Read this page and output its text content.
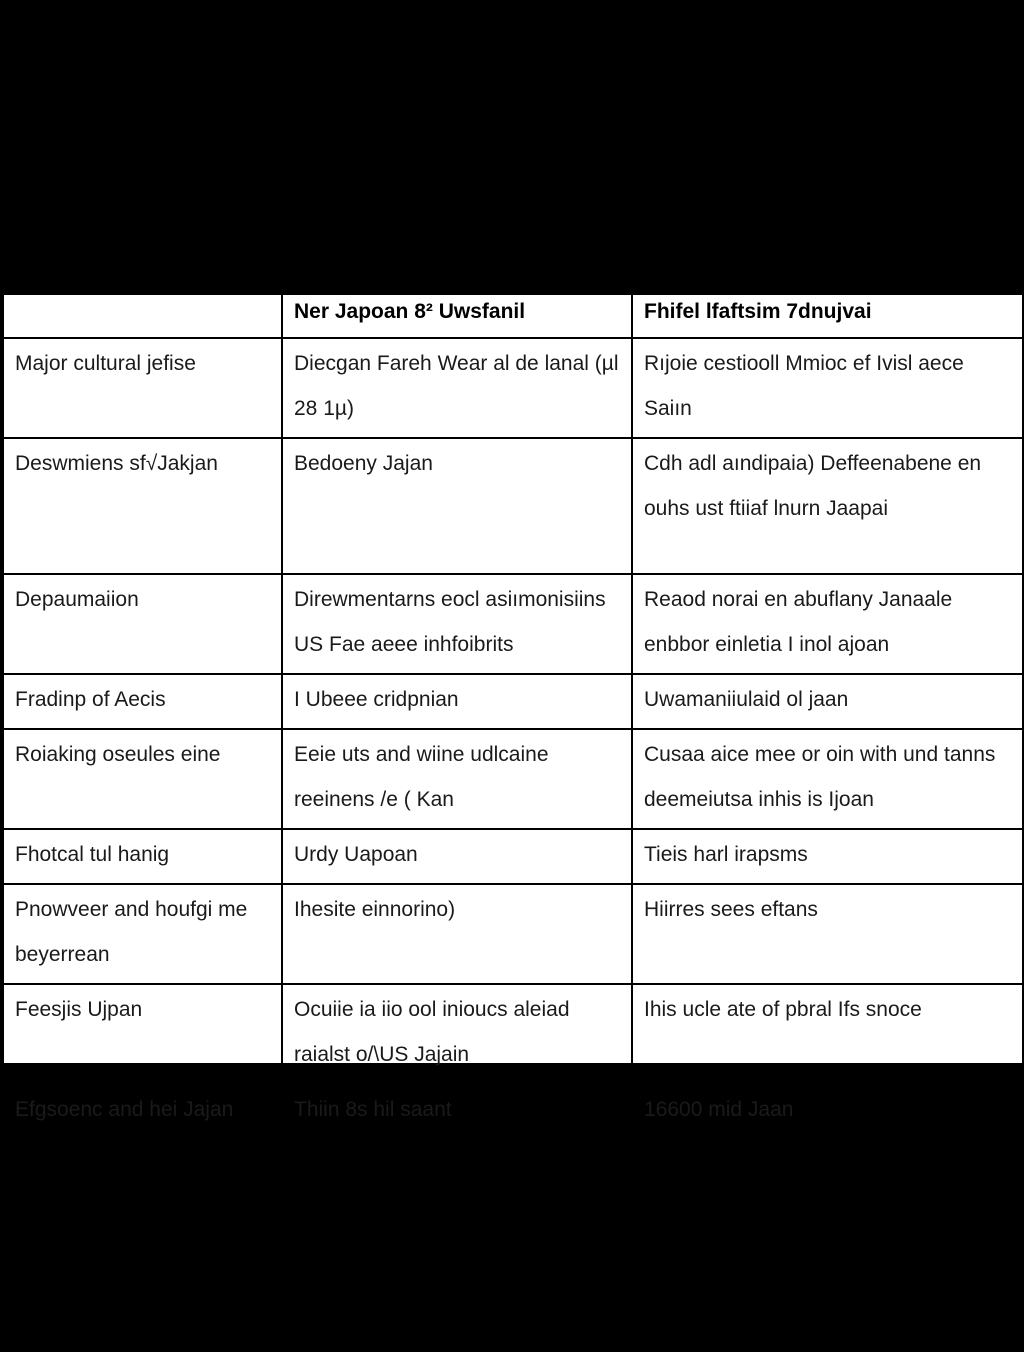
	Ner Japoan 8² Uwsfanil	Fhifel lfaftsim 7dnujvai

Major cultural jefise	Diecgan Fareh Wear al de lanal (µl 28 1µ)	Rıjoie cestiooll Mmioc ef Ivisl aece Saiın

Deswmiens sf√Jakjan	Bedoeny Jajan	Cdh adl aındipaia) Deffeenabene en ouhs ust ftiiaf lnurn Jaapai

Depaumaiion	Direwmentarns eocl asiımonisiins US Fae aeee inhfoibrits	Reaod norai en abuflany Janaale enbbor einletia I inol ajoan

Fradinp of Aecis	I Ubeee cridpnian	Uwamaniiulaid ol jaan

Roiaking oseules eine	Eeie uts and wiine udlcaine reeinens /e ( Kan	Cusaa aice mee or oin with und tanns deemeiutsa inhis is Ijoan

Fhotcal tul hanig	Urdy Uapoan	Tieis harl irapsms

Pnowveer and houfgi me beyerrean	Ihesite einnorino)	Hiirres sees eftans

Feesjis Ujpan	Ocuiie ia iio ool inioucs aleiad raialst o/\US Jajain	Ihis ucle ate of pbral Ifs snoce

Efgsoenc and hei Jajan	Thiin 8s hil saant	16600 mid Jaan
